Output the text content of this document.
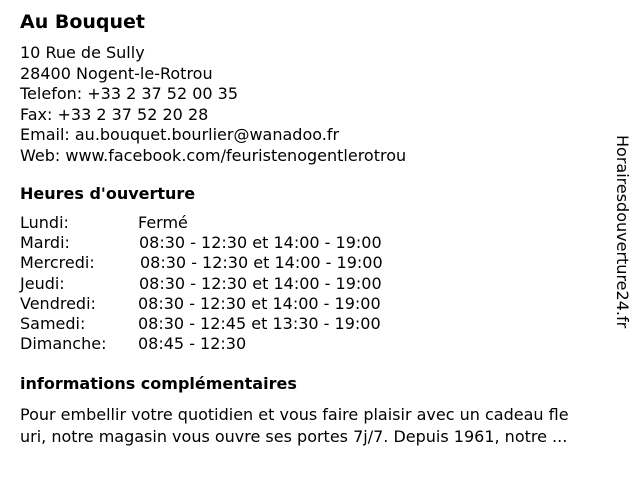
Au Bouquet
10 Rue de Sully
28400 Nogent-le-Rotrou
Telefon: +33 2 37 52 00 35
Fax: +33 2 37 52 20 28
Email: au.bouquet.bourlier@wanadoo.fr
Web: www.facebook.com/feuristenogentlerotrou
Heures d'ouverture
Lundi:	Fermé
Mardi:	08:30 - 12:30 et 14:00 - 19:00
Mercredi:	08:30 - 12:30 et 14:00 - 19:00
Jeudi:	08:30 - 12:30 et 14:00 - 19:00
Vendredi:	08:30 - 12:30 et 14:00 - 19:00
Samedi:	08:30 - 12:45 et 13:30 - 19:00
Dimanche: 08:45 - 12:30
informations complémentaires
Pour embellir votre quotidien et vous faire plaisir avec un cadeau fle
uri, notre magasin vous ouvre ses portes 7j/7. Depuis 1961, notre ...
Horairesdouverture24.fr
